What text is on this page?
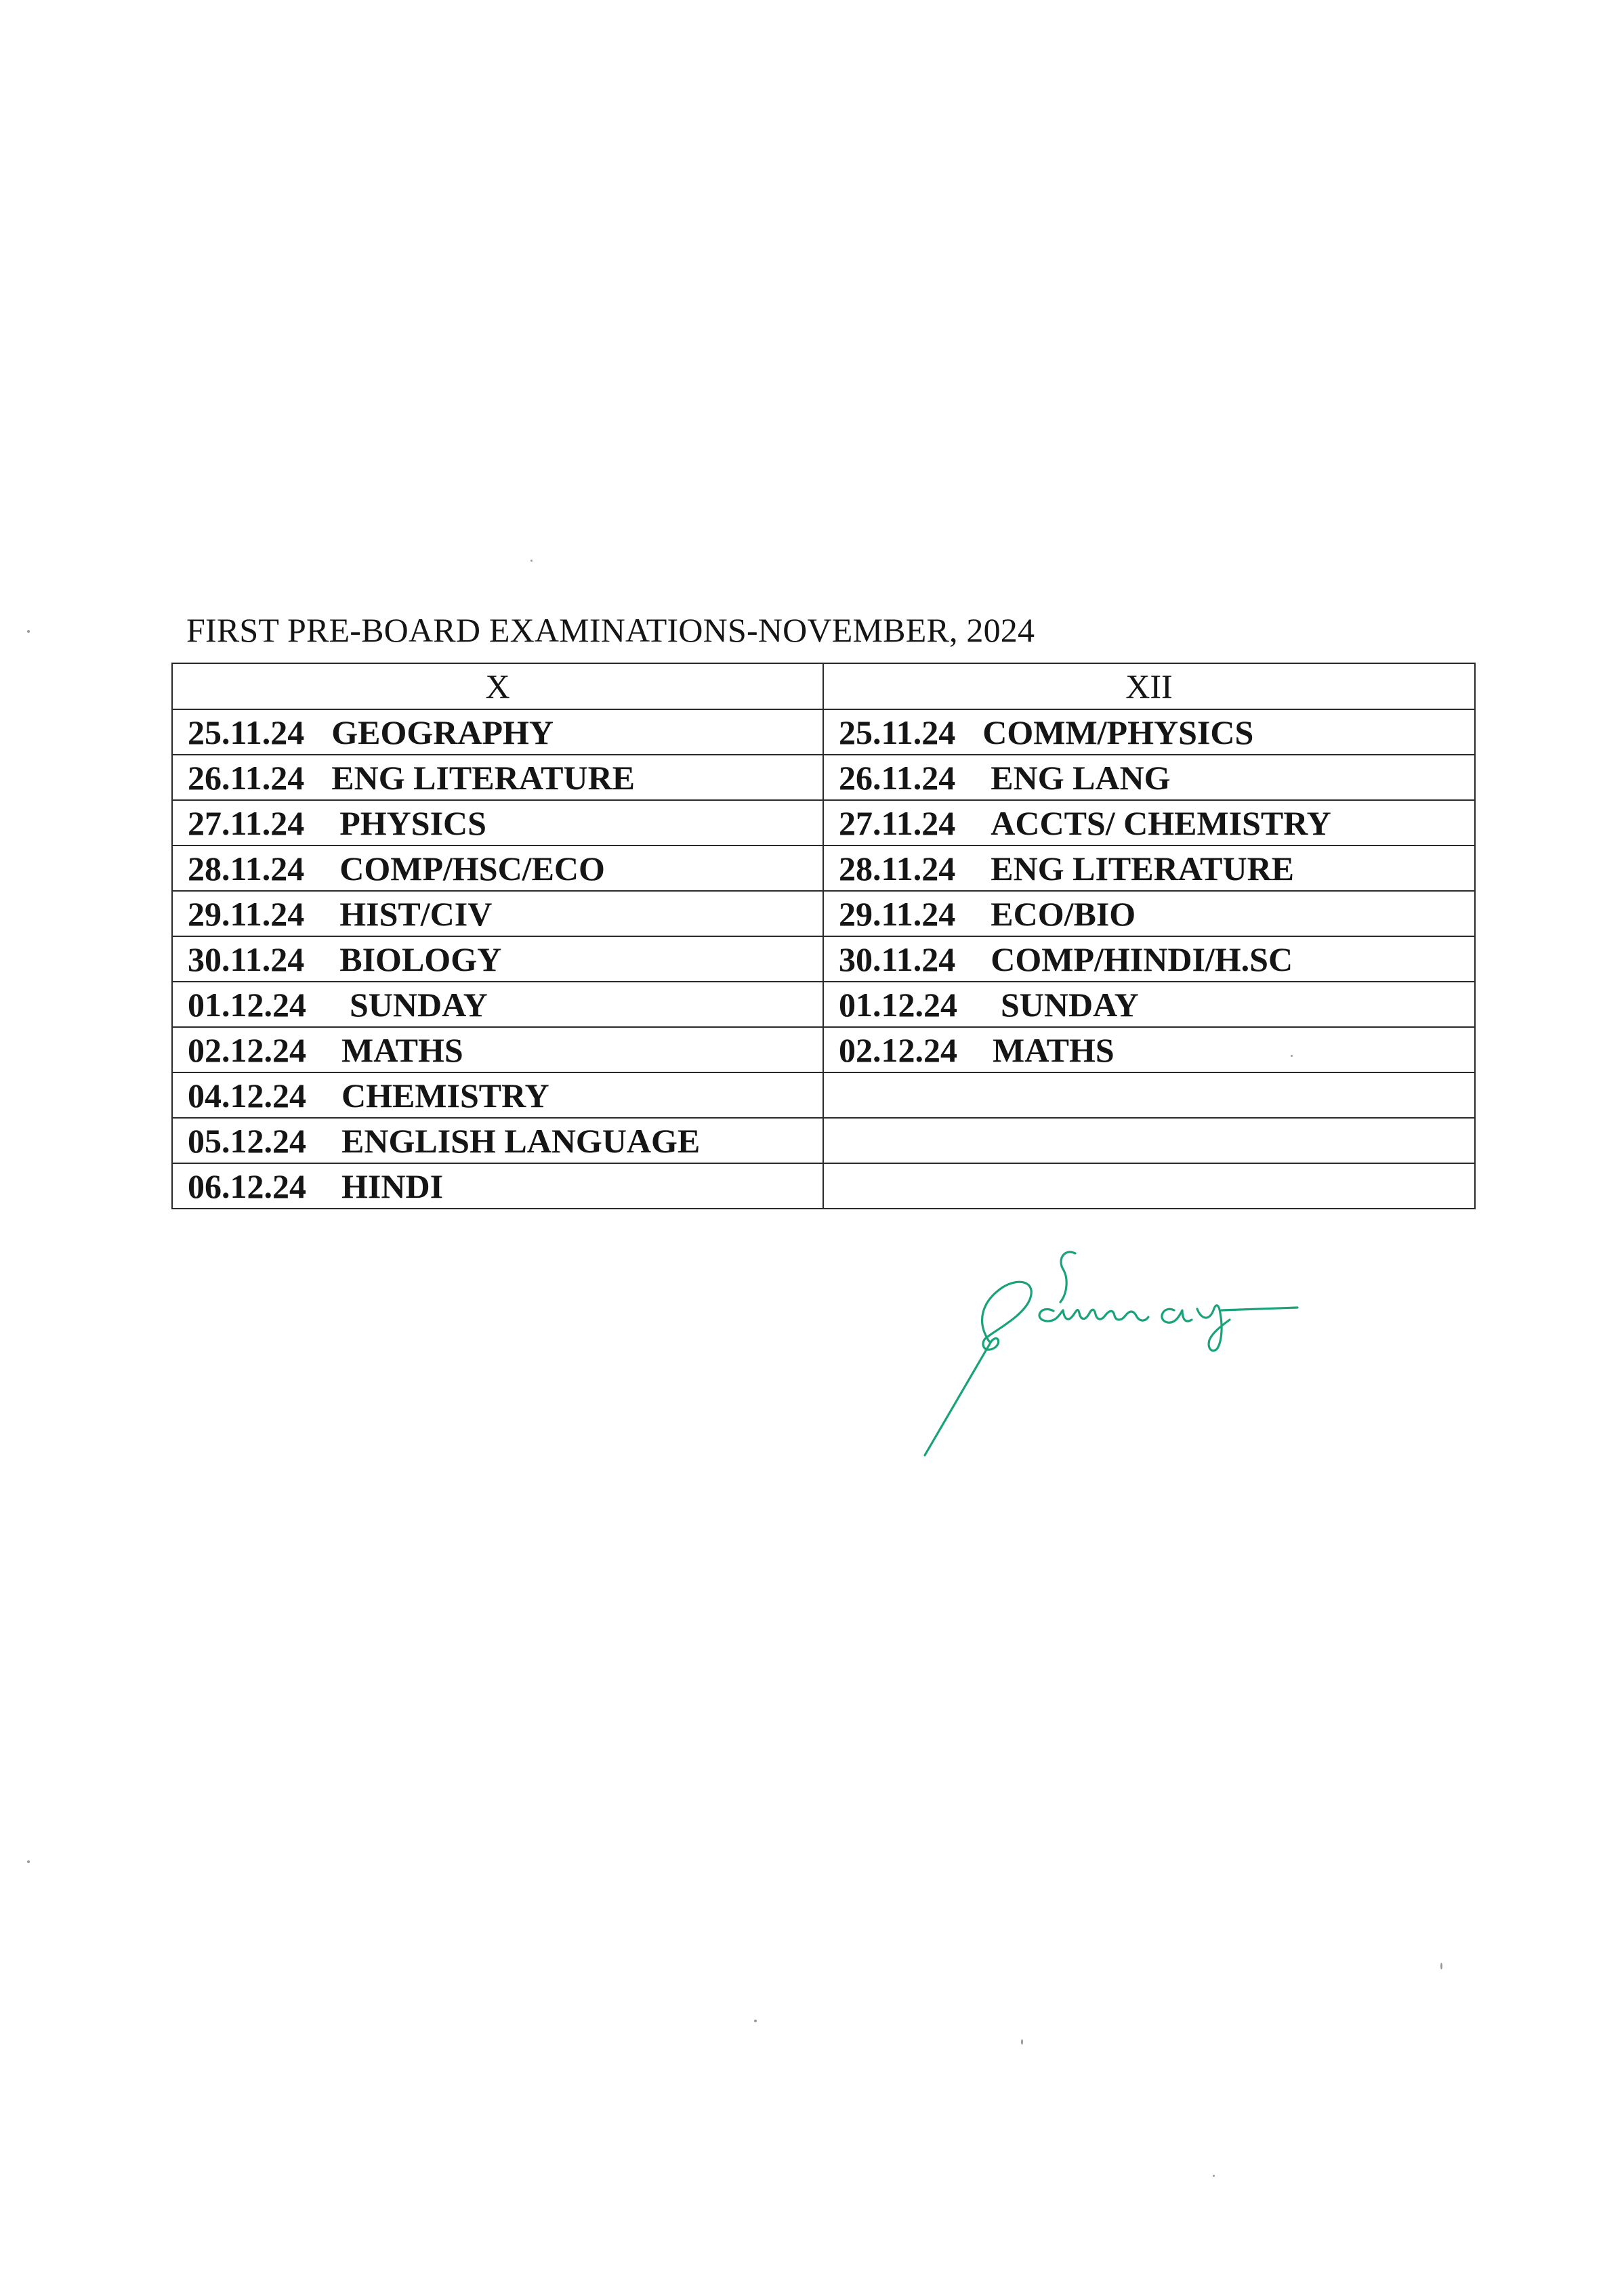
FIRST PRE-BOARD EXAMINATIONS-NOVEMBER, 2024
X	XII
25.11.24 GEOGRAPHY	25.11.24 COMM/PHYSICS
26.11.24 ENG LITERATURE	26.11.24 ENG LANG
27.11.24 PHYSICS	27.11.24 ACCTS/ CHEMISTRY
28.11.24 COMP/HSC/ECO	28.11.24 ENG LITERATURE
29.11.24 HIST/CIV	29.11.24 ECO/BIO
30.11.24 BIOLOGY	30.11.24 COMP/HINDI/H.SC
01.12.24 SUNDAY	01.12.24 SUNDAY
02.12.24 MATHS	02.12.24 MATHS
04.12.24 CHEMISTRY	
05.12.24 ENGLISH LANGUAGE	
06.12.24 HINDI	
